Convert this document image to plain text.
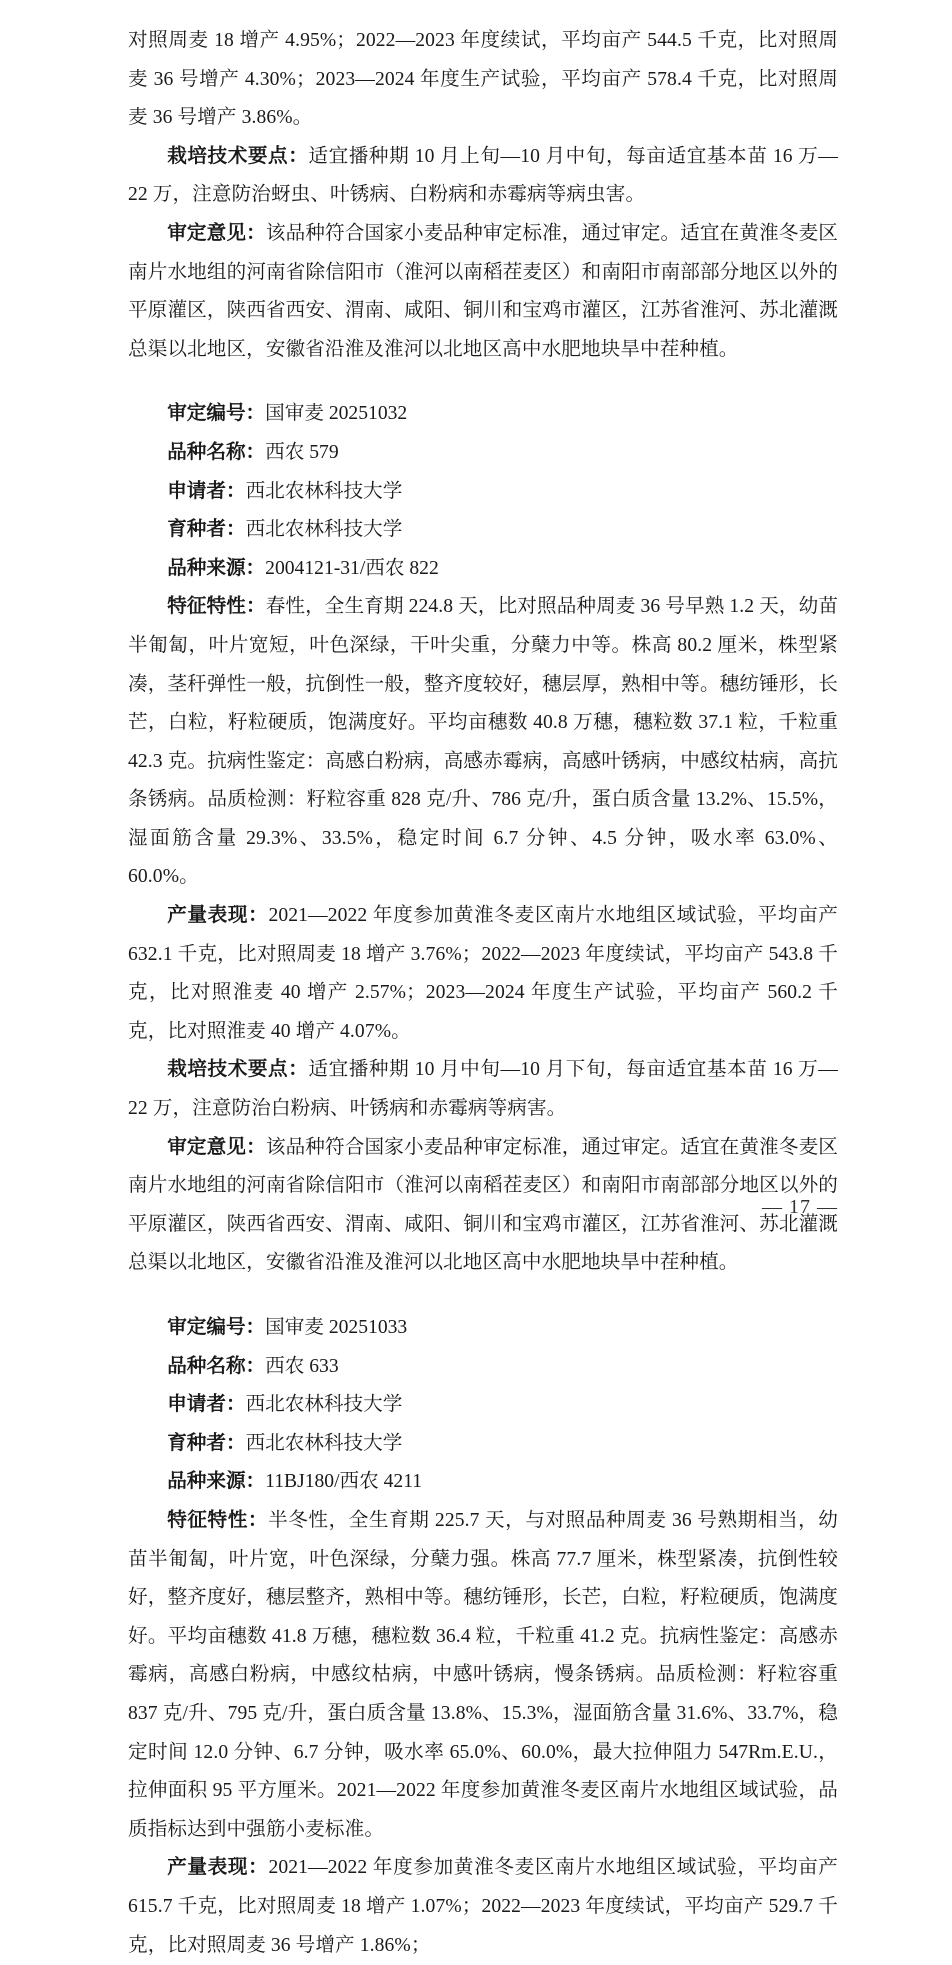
对照周麦 18 增产 4.95%；2022—2023 年度续试，平均亩产 544.5 千克，比对照周麦 36 号增产 4.30%；2023—2024 年度生产试验，平均亩产 578.4 千克，比对照周麦 36 号增产 3.86%。

栽培技术要点：适宜播种期 10 月上旬—10 月中旬，每亩适宜基本苗 16 万—22 万，注意防治蚜虫、叶锈病、白粉病和赤霉病等病虫害。

审定意见：该品种符合国家小麦品种审定标准，通过审定。适宜在黄淮冬麦区南片水地组的河南省除信阳市（淮河以南稻茬麦区）和南阳市南部部分地区以外的平原灌区，陕西省西安、渭南、咸阳、铜川和宝鸡市灌区，江苏省淮河、苏北灌溉总渠以北地区，安徽省沿淮及淮河以北地区高中水肥地块旱中茬种植。

审定编号：国审麦 20251032
品种名称：西农 579
申请者：西北农林科技大学
育种者：西北农林科技大学
品种来源：2004121-31/西农 822

特征特性：春性，全生育期 224.8 天，比对照品种周麦 36 号早熟 1.2 天，幼苗半匍匐，叶片宽短，叶色深绿，干叶尖重，分蘖力中等。株高 80.2 厘米，株型紧凑，茎秆弹性一般，抗倒性一般，整齐度较好，穗层厚，熟相中等。穗纺锤形，长芒，白粒，籽粒硬质，饱满度好。平均亩穗数 40.8 万穗，穗粒数 37.1 粒，千粒重 42.3 克。抗病性鉴定：高感白粉病，高感赤霉病，高感叶锈病，中感纹枯病，高抗条锈病。品质检测：籽粒容重 828 克/升、786 克/升，蛋白质含量 13.2%、15.5%，湿面筋含量 29.3%、33.5%，稳定时间 6.7 分钟、4.5 分钟，吸水率 63.0%、60.0%。

产量表现：2021—2022 年度参加黄淮冬麦区南片水地组区域试验，平均亩产 632.1 千克，比对照周麦 18 增产 3.76%；2022—2023 年度续试，平均亩产 543.8 千克，比对照淮麦 40 增产 2.57%；2023—2024 年度生产试验，平均亩产 560.2 千克，比对照淮麦 40 增产 4.07%。

栽培技术要点：适宜播种期 10 月中旬—10 月下旬，每亩适宜基本苗 16 万—22 万，注意防治白粉病、叶锈病和赤霉病等病害。

审定意见：该品种符合国家小麦品种审定标准，通过审定。适宜在黄淮冬麦区南片水地组的河南省除信阳市（淮河以南稻茬麦区）和南阳市南部部分地区以外的平原灌区，陕西省西安、渭南、咸阳、铜川和宝鸡市灌区，江苏省淮河、苏北灌溉总渠以北地区，安徽省沿淮及淮河以北地区高中水肥地块旱中茬种植。

审定编号：国审麦 20251033
品种名称：西农 633
申请者：西北农林科技大学
育种者：西北农林科技大学
品种来源：11BJ180/西农 4211

特征特性：半冬性，全生育期 225.7 天，与对照品种周麦 36 号熟期相当，幼苗半匍匐，叶片宽，叶色深绿，分蘖力强。株高 77.7 厘米，株型紧凑，抗倒性较好，整齐度好，穗层整齐，熟相中等。穗纺锤形，长芒，白粒，籽粒硬质，饱满度好。平均亩穗数 41.8 万穗，穗粒数 36.4 粒，千粒重 41.2 克。抗病性鉴定：高感赤霉病，高感白粉病，中感纹枯病，中感叶锈病，慢条锈病。品质检测：籽粒容重 837 克/升、795 克/升，蛋白质含量 13.8%、15.3%，湿面筋含量 31.6%、33.7%，稳定时间 12.0 分钟、6.7 分钟，吸水率 65.0%、60.0%，最大拉伸阻力 547Rm.E.U.，拉伸面积 95 平方厘米。2021—2022 年度参加黄淮冬麦区南片水地组区域试验，品质指标达到中强筋小麦标准。

产量表现：2021—2022 年度参加黄淮冬麦区南片水地组区域试验，平均亩产 615.7 千克，比对照周麦 18 增产 1.07%；2022—2023 年度续试，平均亩产 529.7 千克，比对照周麦 36 号增产 1.86%；

— 17 —
